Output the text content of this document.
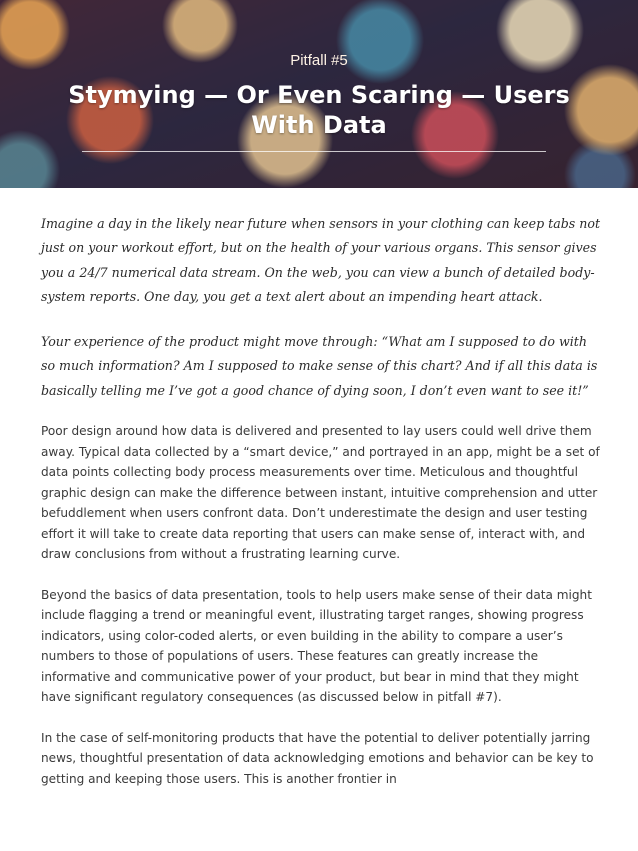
Pitfall #5
Stymying — Or Even Scaring — Users With Data

Imagine a day in the likely near future when sensors in your clothing can keep tabs not just on your workout effort, but on the health of your various organs. This sensor gives you a 24/7 numerical data stream. On the web, you can view a bunch of detailed body-system reports. One day, you get a text alert about an impending heart attack.

Your experience of the product might move through: “What am I supposed to do with so much information? Am I supposed to make sense of this chart? And if all this data is basically telling me I’ve got a good chance of dying soon, I don’t even want to see it!”

Poor design around how data is delivered and presented to lay users could well drive them away. Typical data collected by a “smart device,” and portrayed in an app, might be a set of data points collecting body process measurements over time. Meticulous and thoughtful graphic design can make the difference between instant, intuitive comprehension and utter befuddlement when users confront data. Don’t underestimate the design and user testing effort it will take to create data reporting that users can make sense of, interact with, and draw conclusions from without a frustrating learning curve.

Beyond the basics of data presentation, tools to help users make sense of their data might include flagging a trend or meaningful event, illustrating target ranges, showing progress indicators, using color-coded alerts, or even building in the ability to compare a user’s numbers to those of populations of users. These features can greatly increase the informative and communicative power of your product, but bear in mind that they might have significant regulatory consequences (as discussed below in pitfall #7).

In the case of self-monitoring products that have the potential to deliver potentially jarring news, thoughtful presentation of data acknowledging emotions and behavior can be key to getting and keeping those users. This is another frontier in
